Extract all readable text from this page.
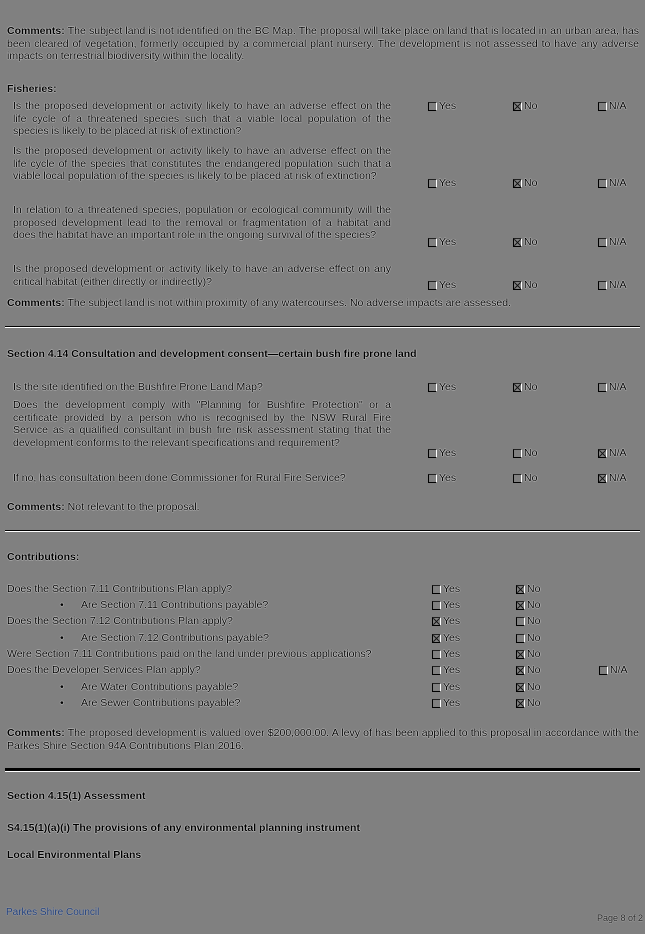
Comments: The subject land is not identified on the BC Map. The proposal will take place on land that is located in an urban area, has been cleared of vegetation, formerly occupied by a commercial plant nursery. The development is not assessed to have any adverse impacts on terrestrial biodiversity within the locality.
Fisheries:
Is the proposed development or activity likely to have an adverse effect on the life cycle of a threatened species such that a viable local population of the species is likely to be placed at risk of extinction?
Yes	No	N/A
Is the proposed development or activity likely to have an adverse effect on the life cycle of the species that constitutes the endangered population such that a viable local population of the species is likely to be placed at risk of extinction?
Yes	No	N/A
In relation to a threatened species, population or ecological community will the proposed development lead to the removal or fragmentation of a habitat and does the habitat have an important role in the ongoing survival of the species?
Yes	No	N/A
Is the proposed development or activity likely to have an adverse effect on any critical habitat (either directly or indirectly)?	Yes	No	N/A
Comments: The subject land is not within proximity of any watercourses. No adverse impacts are assessed.
Section 4.14 Consultation and development consent—certain bush fire prone land
Is the site identified on the Bushfire Prone Land Map?	Yes	No	N/A
Does the development comply with "Planning for Bushfire Protection" or a certificate provided by a person who is recognised by the NSW Rural Fire Service as a qualified consultant in bush fire risk assessment stating that the development conforms to the relevant specifications and requirement?
Yes	No	N/A
If no, has consultation been done Commissioner for Rural Fire Service?	Yes	No	N/A
Comments: Not relevant to the proposal.
Contributions:
Does the Section 7.11 Contributions Plan apply?	Yes	No
• Are Section 7.11 Contributions payable?	Yes	No
Does the Section 7.12 Contributions Plan apply?	Yes	No
• Are Section 7.12 Contributions payable?	Yes	No
Were Section 7.11 Contributions paid on the land under previous applications?	Yes	No
Does the Developer Services Plan apply?	Yes	No	N/A
• Are Water Contributions payable?	Yes	No
• Are Sewer Contributions payable?	Yes	No
Comments: The proposed development is valued over $200,000.00. A levy of has been applied to this proposal in accordance with the Parkes Shire Section 94A Contributions Plan 2016.
Section 4.15(1) Assessment
S4.15(1)(a)(i) The provisions of any environmental planning instrument
Local Environmental Plans
Parkes Shire Council	Page 8 of 2
